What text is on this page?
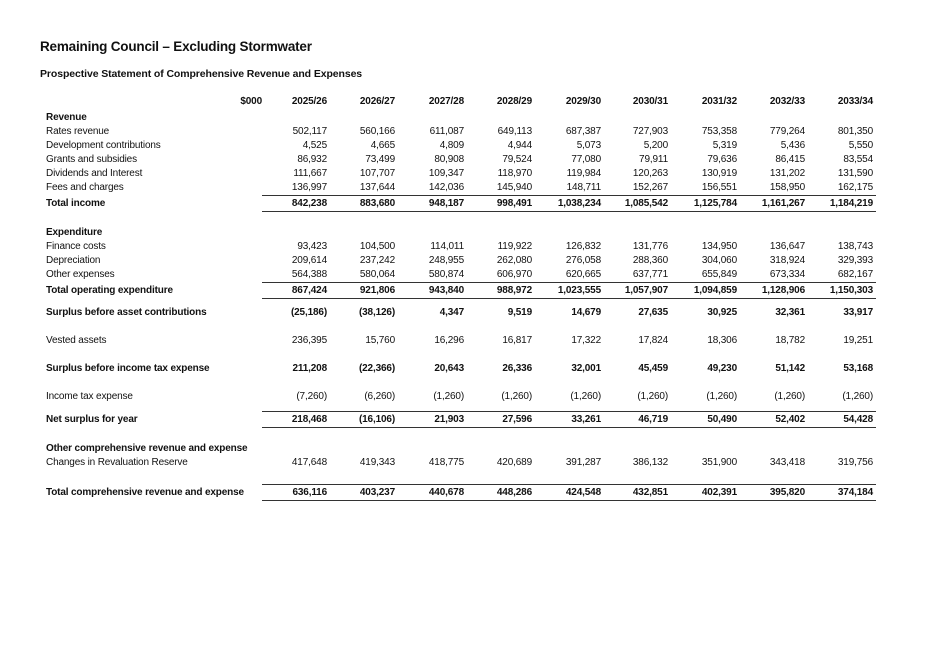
Remaining Council – Excluding Stormwater
Prospective Statement of Comprehensive Revenue and Expenses
$000	2025/26	2026/27	2027/28	2028/29	2029/30	2030/31	2031/32	2032/33	2033/34
Revenue									
Rates revenue	502,117	560,166	611,087	649,113	687,387	727,903	753,358	779,264	801,350
Development contributions	4,525	4,665	4,809	4,944	5,073	5,200	5,319	5,436	5,550
Grants and subsidies	86,932	73,499	80,908	79,524	77,080	79,911	79,636	86,415	83,554
Dividends and Interest	111,667	107,707	109,347	118,970	119,984	120,263	130,919	131,202	131,590
Fees and charges	136,997	137,644	142,036	145,940	148,711	152,267	156,551	158,950	162,175
Total income	842,238	883,680	948,187	998,491	1,038,234	1,085,542	1,125,784	1,161,267	1,184,219

Expenditure									
Finance costs	93,423	104,500	114,011	119,922	126,832	131,776	134,950	136,647	138,743
Depreciation	209,614	237,242	248,955	262,080	276,058	288,360	304,060	318,924	329,393
Other expenses	564,388	580,064	580,874	606,970	620,665	637,771	655,849	673,334	682,167
Total operating expenditure	867,424	921,806	943,840	988,972	1,023,555	1,057,907	1,094,859	1,128,906	1,150,303
Surplus before asset contributions	(25,186)	(38,126)	4,347	9,519	14,679	27,635	30,925	32,361	33,917
Vested assets	236,395	15,760	16,296	16,817	17,322	17,824	18,306	18,782	19,251
Surplus before income tax expense	211,208	(22,366)	20,643	26,336	32,001	45,459	49,230	51,142	53,168
Income tax expense	(7,260)	(6,260)	(1,260)	(1,260)	(1,260)	(1,260)	(1,260)	(1,260)	(1,260)
Net surplus for year	218,468	(16,106)	21,903	27,596	33,261	46,719	50,490	52,402	54,428

Other comprehensive revenue and expense									
Changes in Revaluation Reserve	417,648	419,343	418,775	420,689	391,287	386,132	351,900	343,418	319,756

Total comprehensive revenue and expense	636,116	403,237	440,678	448,286	424,548	432,851	402,391	395,820	374,184
